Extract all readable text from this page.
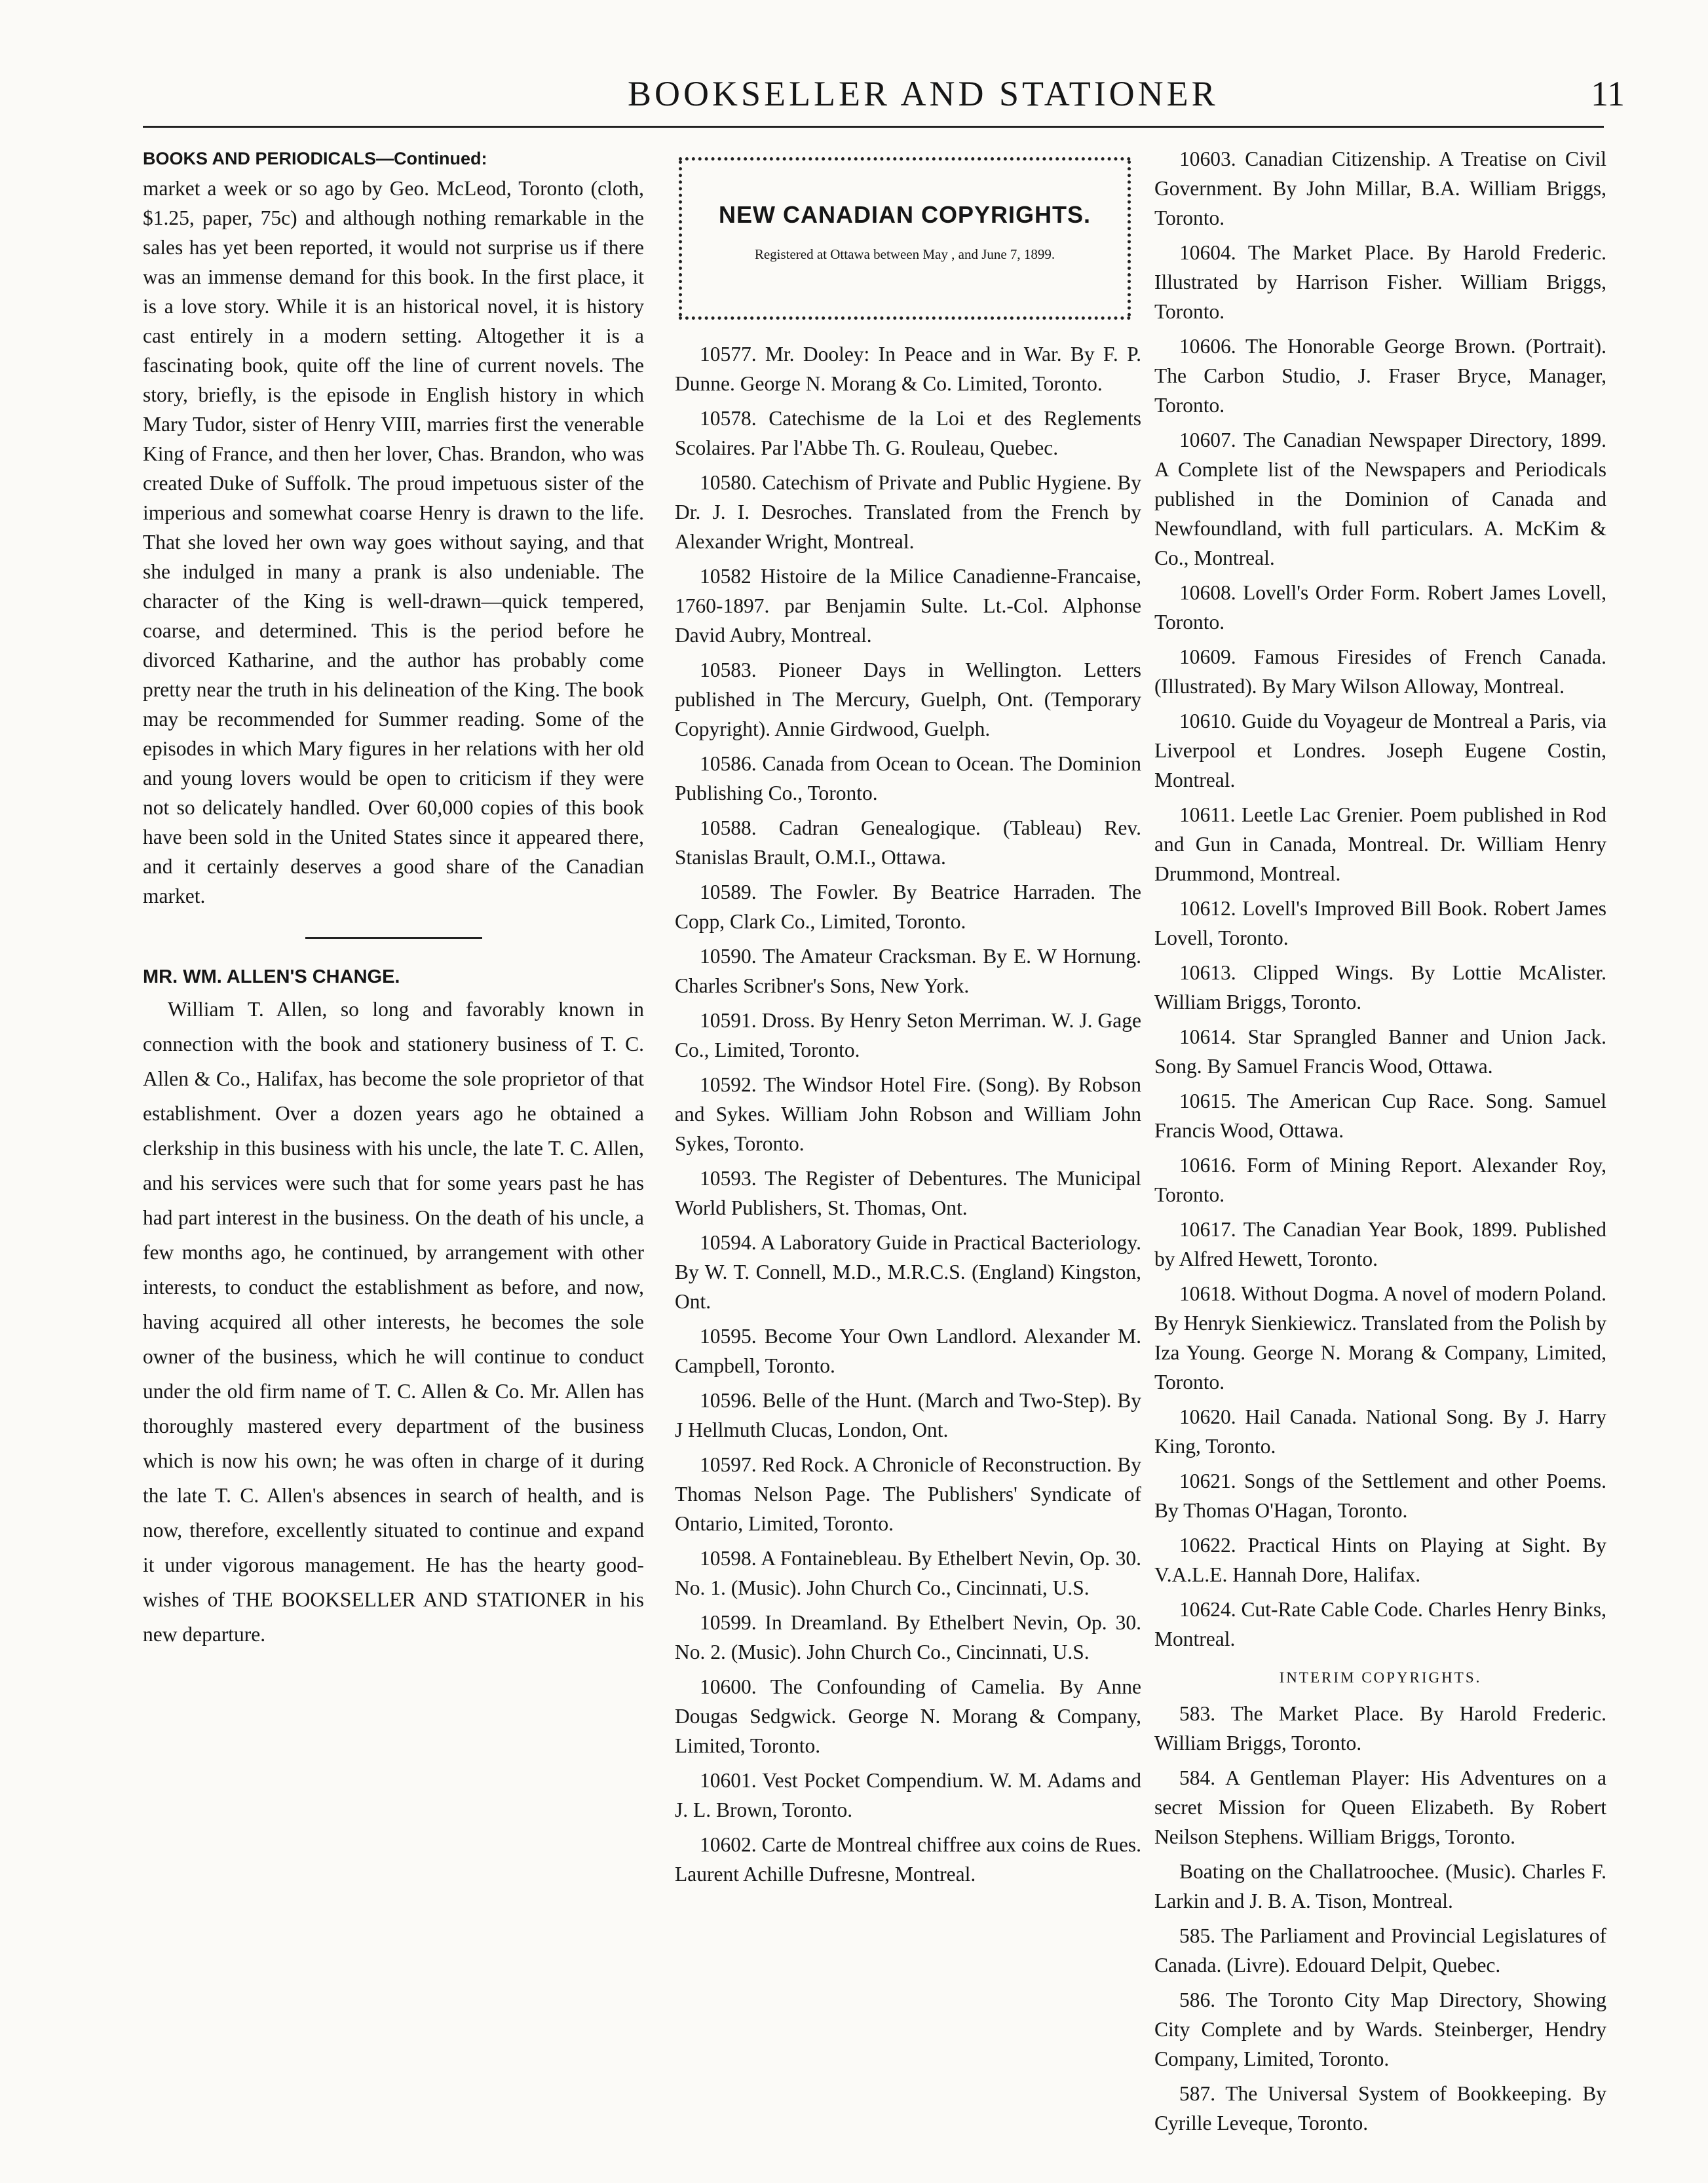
BOOKSELLER AND STATIONER	11

BOOKS AND PERIODICALS—Continued:

market a week or so ago by Geo. McLeod, Toronto (cloth, $1.25, paper, 75c) and although nothing remarkable in the sales has yet been reported, it would not surprise us if there was an immense demand for this book. In the first place, it is a love story. While it is an historical novel, it is history cast entirely in a modern setting. Altogether it is a fascinating book, quite off the line of current novels. The story, briefly, is the episode in English history in which Mary Tudor, sister of Henry VIII, marries first the venerable King of France, and then her lover, Chas. Brandon, who was created Duke of Suffolk. The proud impetuous sister of the imperious and somewhat coarse Henry is drawn to the life. That she loved her own way goes without saying, and that she indulged in many a prank is also undeniable. The character of the King is well-drawn—quick tempered, coarse, and determined. This is the period before he divorced Katharine, and the author has probably come pretty near the truth in his delineation of the King. The book may be recommended for Summer reading. Some of the episodes in which Mary figures in her relations with her old and young lovers would be open to criticism if they were not so delicately handled. Over 60,000 copies of this book have been sold in the United States since it appeared there, and it certainly deserves a good share of the Canadian market.

MR. WM. ALLEN'S CHANGE.

William T. Allen, so long and favorably known in connection with the book and stationery business of T. C. Allen & Co., Halifax, has become the sole proprietor of that establishment. Over a dozen years ago he obtained a clerkship in this business with his uncle, the late T. C. Allen, and his services were such that for some years past he has had part interest in the business. On the death of his uncle, a few months ago, he continued, by arrangement with other interests, to conduct the establishment as before, and now, having acquired all other interests, he becomes the sole owner of the business, which he will continue to conduct under the old firm name of T. C. Allen & Co. Mr. Allen has thoroughly mastered every department of the business which is now his own; he was often in charge of it during the late T. C. Allen's absences in search of health, and is now, therefore, excellently situated to continue and expand it under vigorous management. He has the hearty good-wishes of THE BOOKSELLER AND STATIONER in his new departure.

NEW CANADIAN COPYRIGHTS.
Registered at Ottawa between May , and June 7, 1899.

10577. Mr. Dooley: In Peace and in War. By F. P. Dunne. George N. Morang & Co. Limited, Toronto.

10578. Catechisme de la Loi et des Reglements Scolaires. Par l'Abbe Th. G. Rouleau, Quebec.

10580. Catechism of Private and Public Hygiene. By Dr. J. I. Desroches. Translated from the French by Alexander Wright, Montreal.

10582 Histoire de la Milice Canadienne-Francaise, 1760-1897. par Benjamin Sulte. Lt.-Col. Alphonse David Aubry, Montreal.

10583. Pioneer Days in Wellington. Letters published in The Mercury, Guelph, Ont. (Temporary Copyright). Annie Girdwood, Guelph.

10586. Canada from Ocean to Ocean. The Dominion Publishing Co., Toronto.

10588. Cadran Genealogique. (Tableau) Rev. Stanislas Brault, O.M.I., Ottawa.

10589. The Fowler. By Beatrice Harraden. The Copp, Clark Co., Limited, Toronto.

10590. The Amateur Cracksman. By E. W Hornung. Charles Scribner's Sons, New York.

10591. Dross. By Henry Seton Merriman. W. J. Gage Co., Limited, Toronto.

10592. The Windsor Hotel Fire. (Song). By Robson and Sykes. William John Robson and William John Sykes, Toronto.

10593. The Register of Debentures. The Municipal World Publishers, St. Thomas, Ont.

10594. A Laboratory Guide in Practical Bacteriology. By W. T. Connell, M.D., M.R.C.S. (England) Kingston, Ont.

10595. Become Your Own Landlord. Alexander M. Campbell, Toronto.

10596. Belle of the Hunt. (March and Two-Step). By J Hellmuth Clucas, London, Ont.

10597. Red Rock. A Chronicle of Reconstruction. By Thomas Nelson Page. The Publishers' Syndicate of Ontario, Limited, Toronto.

10598. A Fontainebleau. By Ethelbert Nevin, Op. 30. No. 1. (Music). John Church Co., Cincinnati, U.S.

10599. In Dreamland. By Ethelbert Nevin, Op. 30. No. 2. (Music). John Church Co., Cincinnati, U.S.

10600. The Confounding of Camelia. By Anne Dougas Sedgwick. George N. Morang & Company, Limited, Toronto.

10601. Vest Pocket Compendium. W. M. Adams and J. L. Brown, Toronto.

10602. Carte de Montreal chiffree aux coins de Rues. Laurent Achille Dufresne, Montreal.

10603. Canadian Citizenship. A Treatise on Civil Government. By John Millar, B.A. William Briggs, Toronto.

10604. The Market Place. By Harold Frederic. Illustrated by Harrison Fisher. William Briggs, Toronto.

10606. The Honorable George Brown. (Portrait). The Carbon Studio, J. Fraser Bryce, Manager, Toronto.

10607. The Canadian Newspaper Directory, 1899. A Complete list of the Newspapers and Periodicals published in the Dominion of Canada and Newfoundland, with full particulars. A. McKim & Co., Montreal.

10608. Lovell's Order Form. Robert James Lovell, Toronto.

10609. Famous Firesides of French Canada. (Illustrated). By Mary Wilson Alloway, Montreal.

10610. Guide du Voyageur de Montreal a Paris, via Liverpool et Londres. Joseph Eugene Costin, Montreal.

10611. Leetle Lac Grenier. Poem published in Rod and Gun in Canada, Montreal. Dr. William Henry Drummond, Montreal.

10612. Lovell's Improved Bill Book. Robert James Lovell, Toronto.

10613. Clipped Wings. By Lottie McAlister. William Briggs, Toronto.

10614. Star Sprangled Banner and Union Jack. Song. By Samuel Francis Wood, Ottawa.

10615. The American Cup Race. Song. Samuel Francis Wood, Ottawa.

10616. Form of Mining Report. Alexander Roy, Toronto.

10617. The Canadian Year Book, 1899. Published by Alfred Hewett, Toronto.

10618. Without Dogma. A novel of modern Poland. By Henryk Sienkiewicz. Translated from the Polish by Iza Young. George N. Morang & Company, Limited, Toronto.

10620. Hail Canada. National Song. By J. Harry King, Toronto.

10621. Songs of the Settlement and other Poems. By Thomas O'Hagan, Toronto.

10622. Practical Hints on Playing at Sight. By V.A.L.E. Hannah Dore, Halifax.

10624. Cut-Rate Cable Code. Charles Henry Binks, Montreal.

INTERIM COPYRIGHTS.

583. The Market Place. By Harold Frederic. William Briggs, Toronto.

584. A Gentleman Player: His Adventures on a secret Mission for Queen Elizabeth. By Robert Neilson Stephens. William Briggs, Toronto.

Boating on the Challatroochee. (Music). Charles F. Larkin and J. B. A. Tison, Montreal.

585. The Parliament and Provincial Legislatures of Canada. (Livre). Edouard Delpit, Quebec.

586. The Toronto City Map Directory, Showing City Complete and by Wards. Steinberger, Hendry Company, Limited, Toronto.

587. The Universal System of Bookkeeping. By Cyrille Leveque, Toronto.
